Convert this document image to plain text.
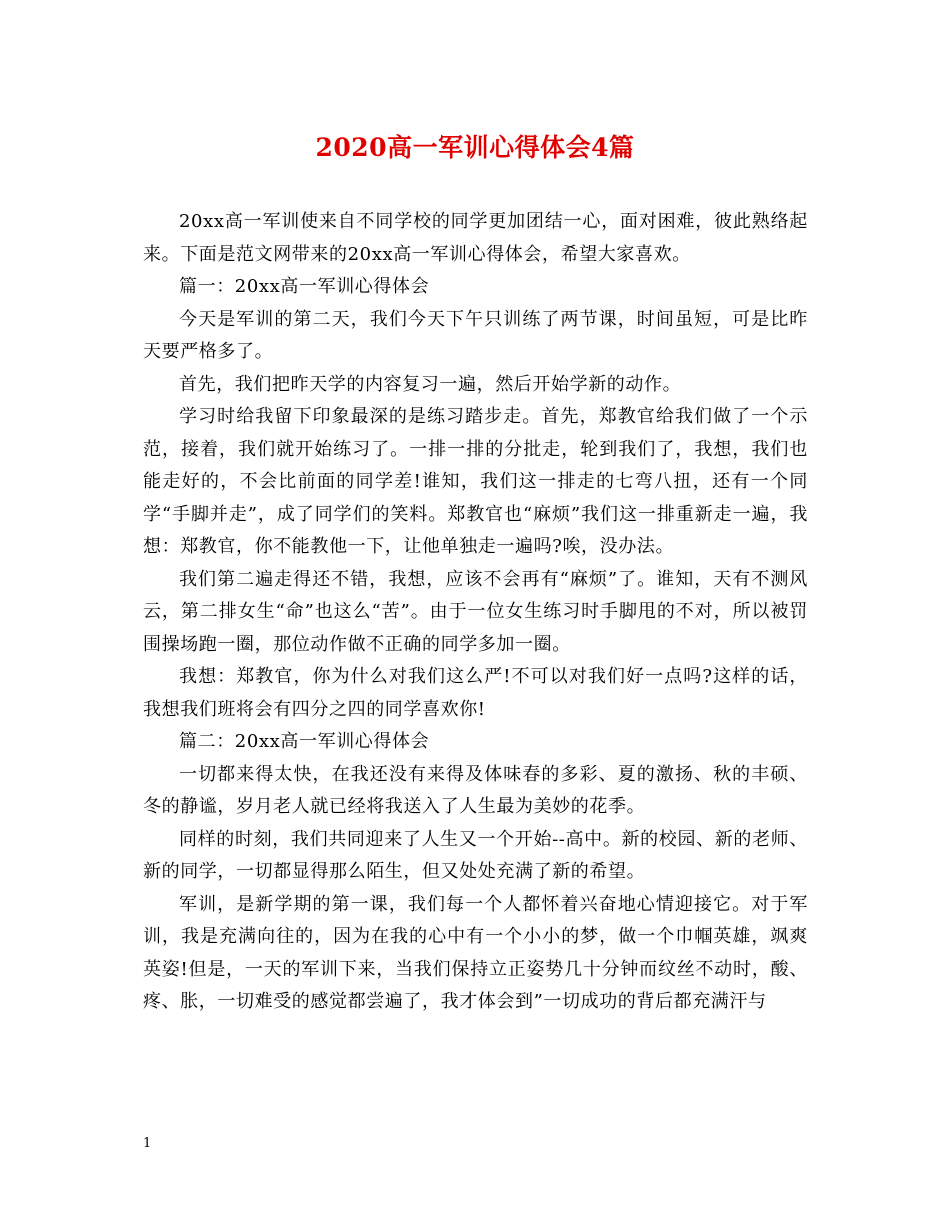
2020高一军训心得体会4篇

20xx高一军训使来自不同学校的同学更加团结一心，面对困难，彼此熟络起来。下面是范文网带来的20xx高一军训心得体会，希望大家喜欢。

篇一：20xx高一军训心得体会

今天是军训的第二天，我们今天下午只训练了两节课，时间虽短，可是比昨天要严格多了。

首先，我们把昨天学的内容复习一遍，然后开始学新的动作。

学习时给我留下印象最深的是练习踏步走。首先，郑教官给我们做了一个示范，接着，我们就开始练习了。一排一排的分批走，轮到我们了，我想，我们也能走好的，不会比前面的同学差!谁知，我们这一排走的七弯八扭，还有一个同学“手脚并走”，成了同学们的笑料。郑教官也“麻烦”我们这一排重新走一遍，我想：郑教官，你不能教他一下，让他单独走一遍吗?唉，没办法。

我们第二遍走得还不错，我想，应该不会再有“麻烦”了。谁知，天有不测风云，第二排女生“命”也这么“苦”。由于一位女生练习时手脚甩的不对，所以被罚围操场跑一圈，那位动作做不正确的同学多加一圈。

我想：郑教官，你为什么对我们这么严!不可以对我们好一点吗?这样的话，我想我们班将会有四分之四的同学喜欢你!

篇二：20xx高一军训心得体会

一切都来得太快，在我还没有来得及体味春的多彩、夏的激扬、秋的丰硕、冬的静谧，岁月老人就已经将我送入了人生最为美妙的花季。

同样的时刻，我们共同迎来了人生又一个开始--高中。新的校园、新的老师、新的同学，一切都显得那么陌生，但又处处充满了新的希望。

军训，是新学期的第一课，我们每一个人都怀着兴奋地心情迎接它。对于军训，我是充满向往的，因为在我的心中有一个小小的梦，做一个巾帼英雄，飒爽英姿!但是，一天的军训下来，当我们保持立正姿势几十分钟而纹丝不动时，酸、疼、胀，一切难受的感觉都尝遍了，我才体会到”一切成功的背后都充满汗与

1
